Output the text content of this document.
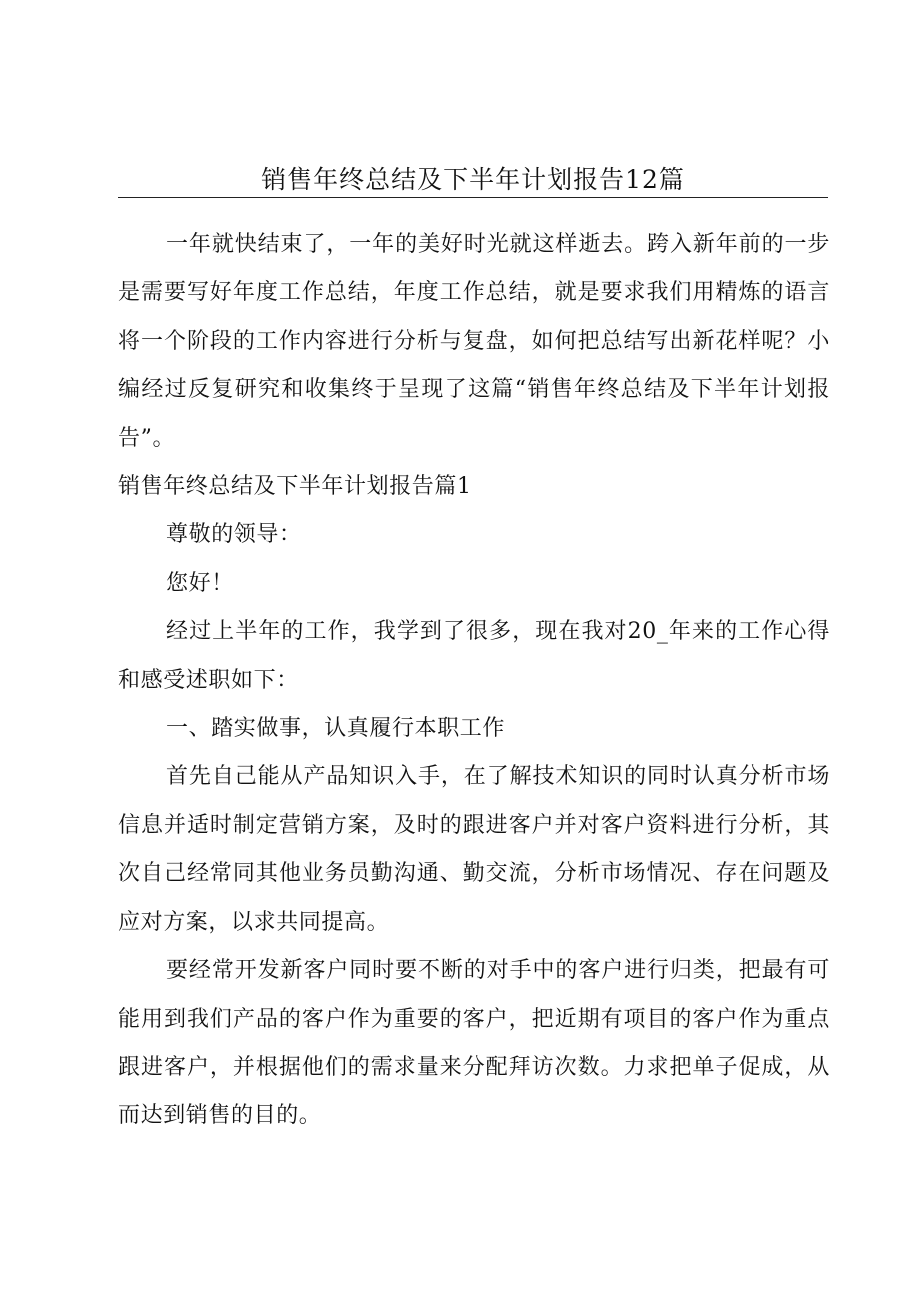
销售年终总结及下半年计划报告12篇

一年就快结束了，一年的美好时光就这样逝去。跨入新年前的一步是需要写好年度工作总结，年度工作总结，就是要求我们用精炼的语言将一个阶段的工作内容进行分析与复盘，如何把总结写出新花样呢？小编经过反复研究和收集终于呈现了这篇“销售年终总结及下半年计划报告”。

销售年终总结及下半年计划报告篇1

尊敬的领导：

您好！

经过上半年的工作，我学到了很多，现在我对20_年来的工作心得和感受述职如下：

一、踏实做事，认真履行本职工作

首先自己能从产品知识入手，在了解技术知识的同时认真分析市场信息并适时制定营销方案，及时的跟进客户并对客户资料进行分析，其次自己经常同其他业务员勤沟通、勤交流，分析市场情况、存在问题及应对方案，以求共同提高。

要经常开发新客户同时要不断的对手中的客户进行归类，把最有可能用到我们产品的客户作为重要的客户，把近期有项目的客户作为重点跟进客户，并根据他们的需求量来分配拜访次数。力求把单子促成，从而达到销售的目的。
